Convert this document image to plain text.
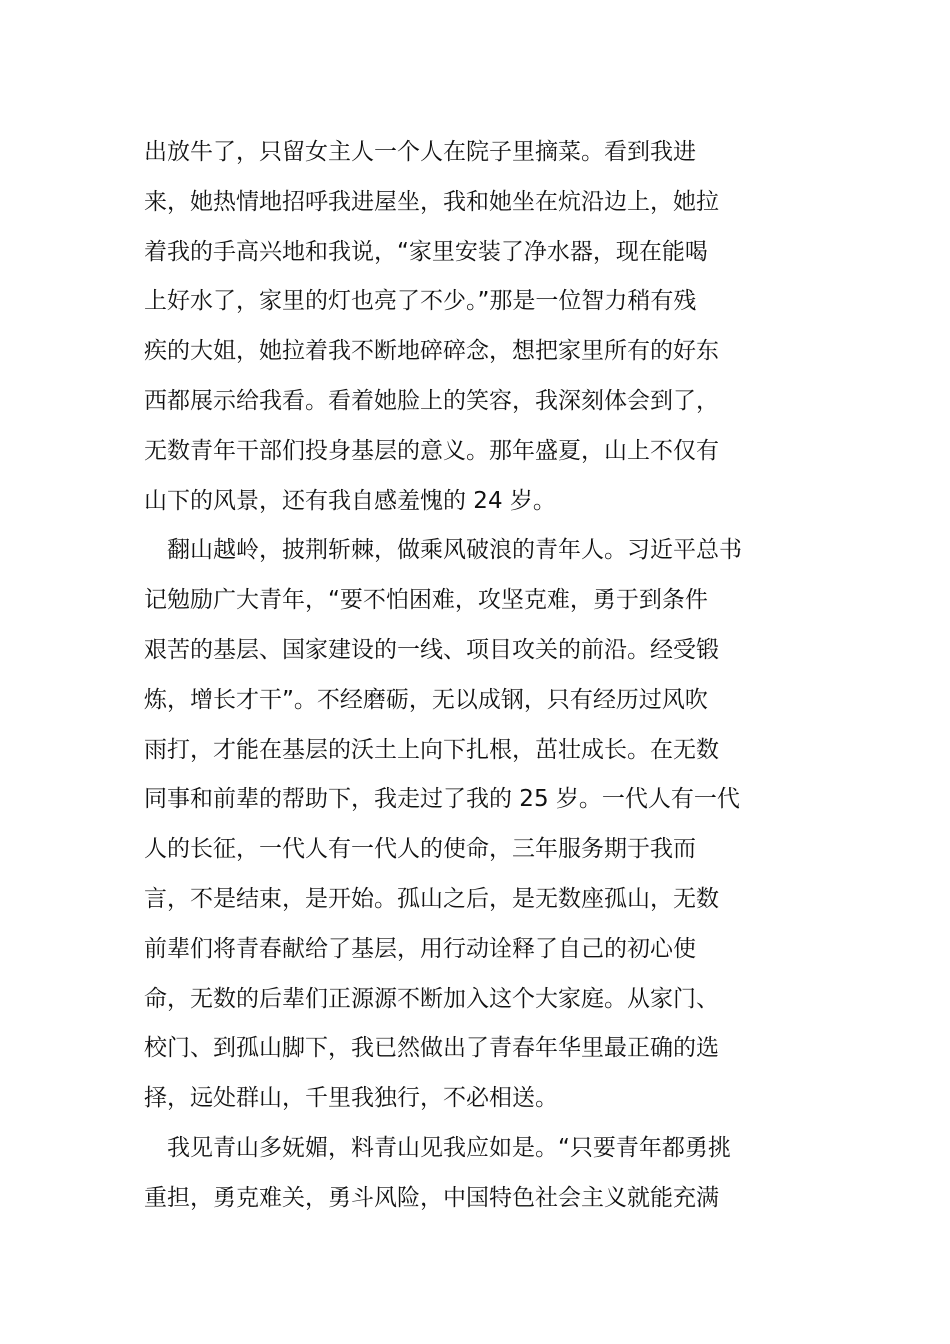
出放牛了，只留女主人一个人在院子里摘菜。看到我进
来，她热情地招呼我进屋坐，我和她坐在炕沿边上，她拉
着我的手高兴地和我说，“家里安装了净水器，现在能喝
上好水了，家里的灯也亮了不少。”那是一位智力稍有残
疾的大姐，她拉着我不断地碎碎念，想把家里所有的好东
西都展示给我看。看着她脸上的笑容，我深刻体会到了，
无数青年干部们投身基层的意义。那年盛夏，山上不仅有
山下的风景，还有我自感羞愧的 24 岁。
翻山越岭，披荆斩棘，做乘风破浪的青年人。习近平总书
记勉励广大青年，“要不怕困难，攻坚克难，勇于到条件
艰苦的基层、国家建设的一线、项目攻关的前沿。经受锻
炼，增长才干”。不经磨砺，无以成钢，只有经历过风吹
雨打，才能在基层的沃土上向下扎根，茁壮成长。在无数
同事和前辈的帮助下，我走过了我的 25 岁。一代人有一代
人的长征，一代人有一代人的使命，三年服务期于我而
言，不是结束，是开始。孤山之后，是无数座孤山，无数
前辈们将青春献给了基层，用行动诠释了自己的初心使
命，无数的后辈们正源源不断加入这个大家庭。从家门、
校门、到孤山脚下，我已然做出了青春年华里最正确的选
择，远处群山，千里我独行，不必相送。
我见青山多妩媚，料青山见我应如是。“只要青年都勇挑
重担，勇克难关，勇斗风险，中国特色社会主义就能充满
